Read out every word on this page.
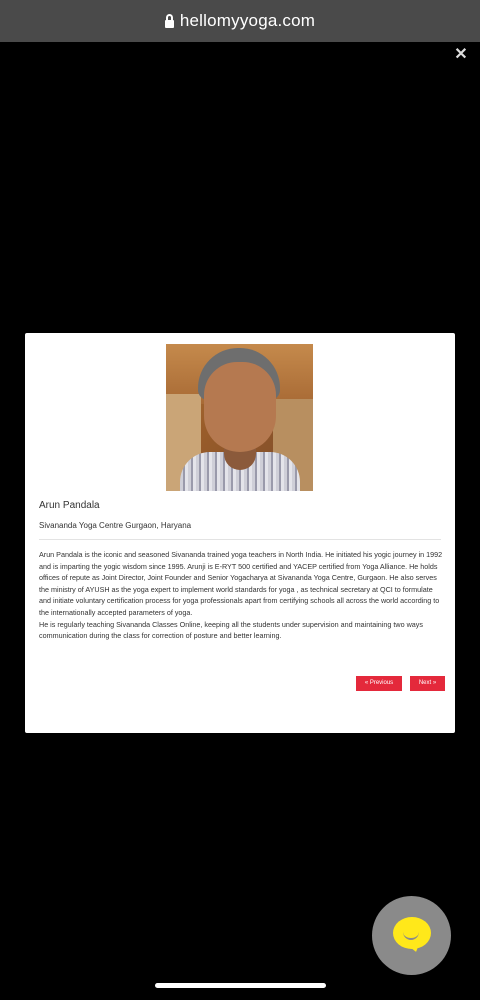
hellomyyoga.com
✕
Arun Pandala
Sivananda Yoga Centre Gurgaon, Haryana

Arun Pandala is the iconic and seasoned Sivananda trained yoga teachers in North India. He initiated his yogic journey in 1992 and is imparting the yogic wisdom since 1995. Arunji is E-RYT 500 certified and YACEP certified from Yoga Alliance. He holds offices of repute as Joint Director, Joint Founder and Senior Yogacharya at Sivananda Yoga Centre, Gurgaon. He also serves the ministry of AYUSH as the yoga expert to implement world standards for yoga , as technical secretary at QCI to formulate and initiate voluntary certification process for yoga professionals apart from certifying schools all across the world according to the internationally accepted parameters of yoga.

He is regularly teaching Sivananda Classes Online, keeping all the students under supervision and maintaining two ways communication during the class for correction of posture and better learning.

« Previous	Next »
